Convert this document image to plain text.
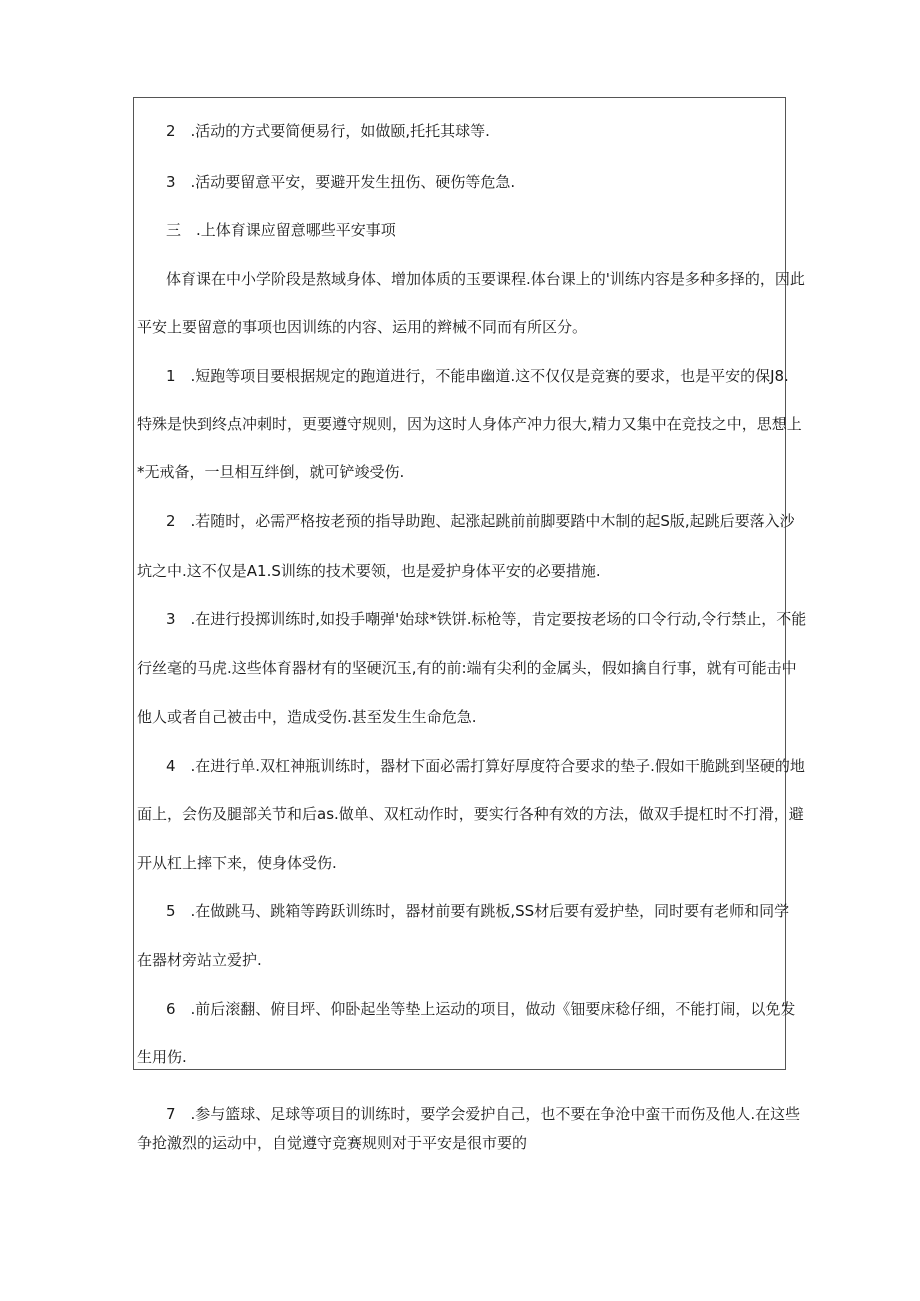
2　.活动的方式要简便易行，如做颐,托托其球等.
3　.活动要留意平安，要避开发生扭伤、硬伤等危急.
三　.上体育课应留意哪些平安事项
体育课在中小学阶段是熬域身体、增加体质的玉要课程.体台课上的'训练内容是多种多择的，因此
平安上要留意的事项也因训练的内容、运用的辫械不同而有所区分。
1　.短跑等项目要根据规定的跑道进行，不能串幽道.这不仅仅是竞赛的要求，也是平安的保J8.
特殊是快到终点冲刺时，更要遵守规则，因为这时人身体产冲力很大,精力又集中在竞技之中，思想上
*无戒备，一旦相互绊倒，就可铲竣受伤.
2　.若随时，必需严格按老预的指导助跑、起涨起跳前前脚要踏中木制的起S版,起跳后要落入沙
坑之中.这不仅是A1.S训练的技术要领，也是爱护身体平安的必要措施.
3　.在进行投掷训练时,如投手嘲弹'始球*铁饼.标枪等，肯定要按老场的口令行动,令行禁止，不能
行丝毫的马虎.这些体育器材有的坚硬沉玉,有的前:端有尖利的金属头，假如擒自行事，就有可能击中
他人或者自己被击中，造成受伤.甚至发生生命危急.
4　.在进行单.双杠神瓶训练时，器材下面必需打算好厚度符合要求的垫子.假如干脆跳到坚硬的地
面上，会伤及腿部关节和后as.做单、双杠动作时，要实行各种有效的方法，做双手提杠时不打滑，避
开从杠上摔下来，使身体受伤.
5　.在做跳马、跳箱等跨跃训练时，器材前要有跳板,SS材后要有爱护垫，同时要有老师和同学
在器材旁站立爱护.
6　.前后滚翻、俯目坪、仰卧起坐等垫上运动的项目，做动《钿要床稔仔细，不能打闹，以免发
生用伤.
7　.参与篮球、足球等项目的训练时，要学会爱护自己，也不要在争沧中蛮干而伤及他人.在这些
争抢激烈的运动中，自觉遵守竞赛规则对于平安是很市要的
